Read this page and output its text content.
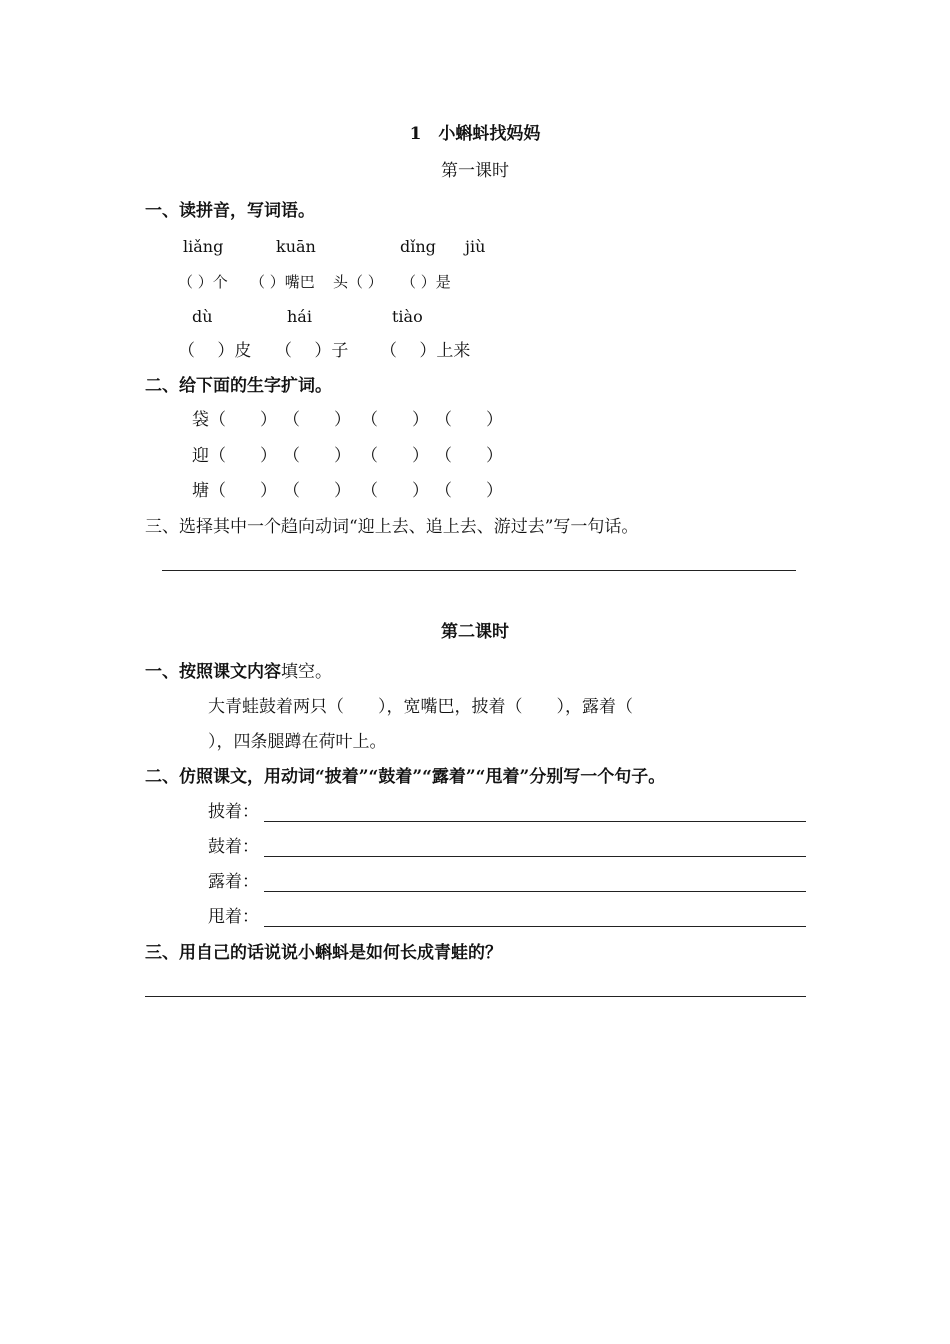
1　小蝌蚪找妈妈
第一课时
一、读拼音，写词语。
liǎng	kuān	dǐng jiù
（ ）个 （ ）嘴巴 头（ ） （ ）是
dù	hái	tiào
（　 ）皮 （　 ）子 （　 ）上来
二、给下面的生字扩词。
袋 （　　） （　　） （　　） （　　）
迎 （　　） （　　） （　　） （　　）
塘 （　　） （　　） （　　） （　　）
三、选择其中一个趋向动词“迎上去、追上去、游过去”写一句话。
第二课时
一、按照课文内容填空。
大青蛙鼓着两只（　　），宽嘴巴，披着（　　），露着（
），四条腿蹲在荷叶上。
二、仿照课文，用动词“披着”“鼓着”“露着”“甩着”分别写一个句子。
披着：
鼓着：
露着：
甩着：
三、用自己的话说说小蝌蚪是如何长成青蛙的？
